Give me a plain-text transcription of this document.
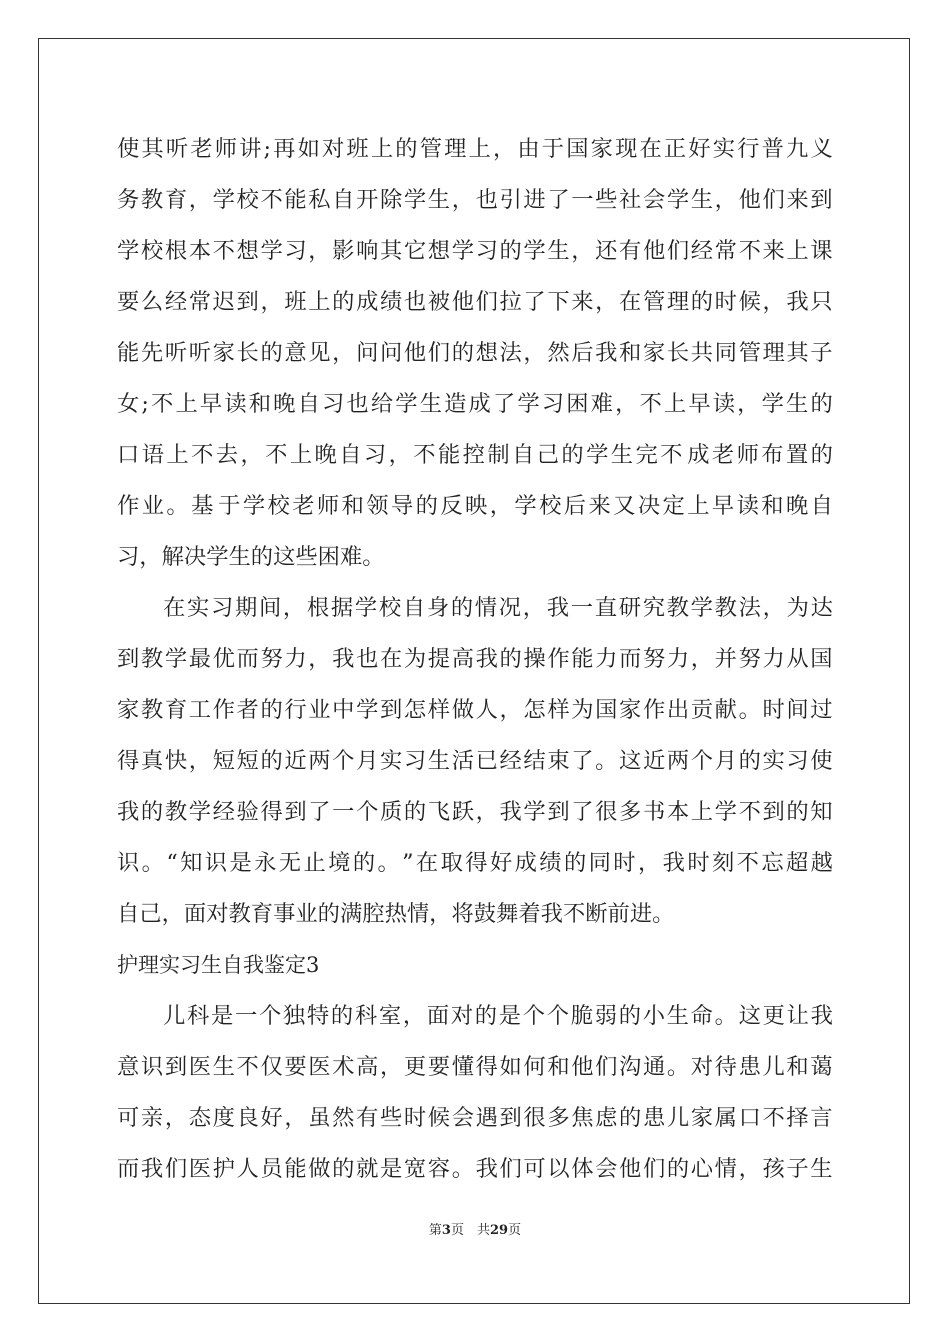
使 其 听 老 师 讲 ; 再 如 对 班 上 的 管 理 上 ， 由 于 国 家 现 在 正 好 实 行 普 九 义
务 教 育 ， 学 校 不 能 私 自 开 除 学 生 ， 也 引 进 了 一 些 社 会 学 生 ， 他 们 来 到
学 校 根 本 不 想 学 习 ， 影 响 其 它 想 学 习 的 学 生 ， 还 有 他 们 经 常 不 来 上 课
要 么 经 常 迟 到 ， 班 上 的 成 绩 也 被 他 们 拉 了 下 来 ， 在 管 理 的 时 候 ， 我 只
能 先 听 听 家 长 的 意 见 ， 问 问 他 们 的 想 法 ， 然 后 我 和 家 长 共 同 管 理 其 子
女 ; 不 上 早 读 和 晚 自 习 也 给 学 生 造 成 了 学 习 困 难 ， 不 上 早 读 ， 学 生 的
口 语 上 不 去 ， 不 上 晚 自 习 ， 不 能 控 制 自 己 的 学 生 完 不 成 老 师 布 置 的
作 业 。 基 于 学 校 老 师 和 领 导 的 反 映 ， 学 校 后 来 又 决 定 上 早 读 和 晚 自
习，解决学生的这些困难。
在 实 习 期 间 ， 根 据 学 校 自 身 的 情 况 ， 我 一 直 研 究 教 学 教 法 ， 为 达
到 教 学 最 优 而 努 力 ， 我 也 在 为 提 高 我 的 操 作 能 力 而 努 力 ， 并 努 力 从 国
家 教 育 工 作 者 的 行 业 中 学 到 怎 样 做 人 ， 怎 样 为 国 家 作 出 贡 献 。 时 间 过
得 真 快 ， 短 短 的 近 两 个 月 实 习 生 活 已 经 结 束 了 。 这 近 两 个 月 的 实 习 使
我 的 教 学 经 验 得 到 了 一 个 质 的 飞 跃 ， 我 学 到 了 很 多 书 本 上 学 不 到 的 知
识 。 “ 知 识 是 永 无 止 境 的 。 ” 在 取 得 好 成 绩 的 同 时 ， 我 时 刻 不 忘 超 越
自己，面对教育事业的满腔热情，将鼓舞着我不断前进。
护理实习生自我鉴定3
儿 科 是 一 个 独 特 的 科 室 ， 面 对 的 是 个 个 脆 弱 的 小 生 命 。 这 更 让 我
意 识 到 医 生 不 仅 要 医 术 高 ， 更 要 懂 得 如 何 和 他 们 沟 通 。 对 待 患 儿 和 蔼
可 亲 ， 态 度 良 好 ， 虽 然 有 些 时 候 会 遇 到 很 多 焦 虑 的 患 儿 家 属 口 不 择 言
而 我 们 医 护 人 员 能 做 的 就 是 宽 容 。 我 们 可 以 体 会 他 们 的 心 情 ， 孩 子 生
第3页　共29页
